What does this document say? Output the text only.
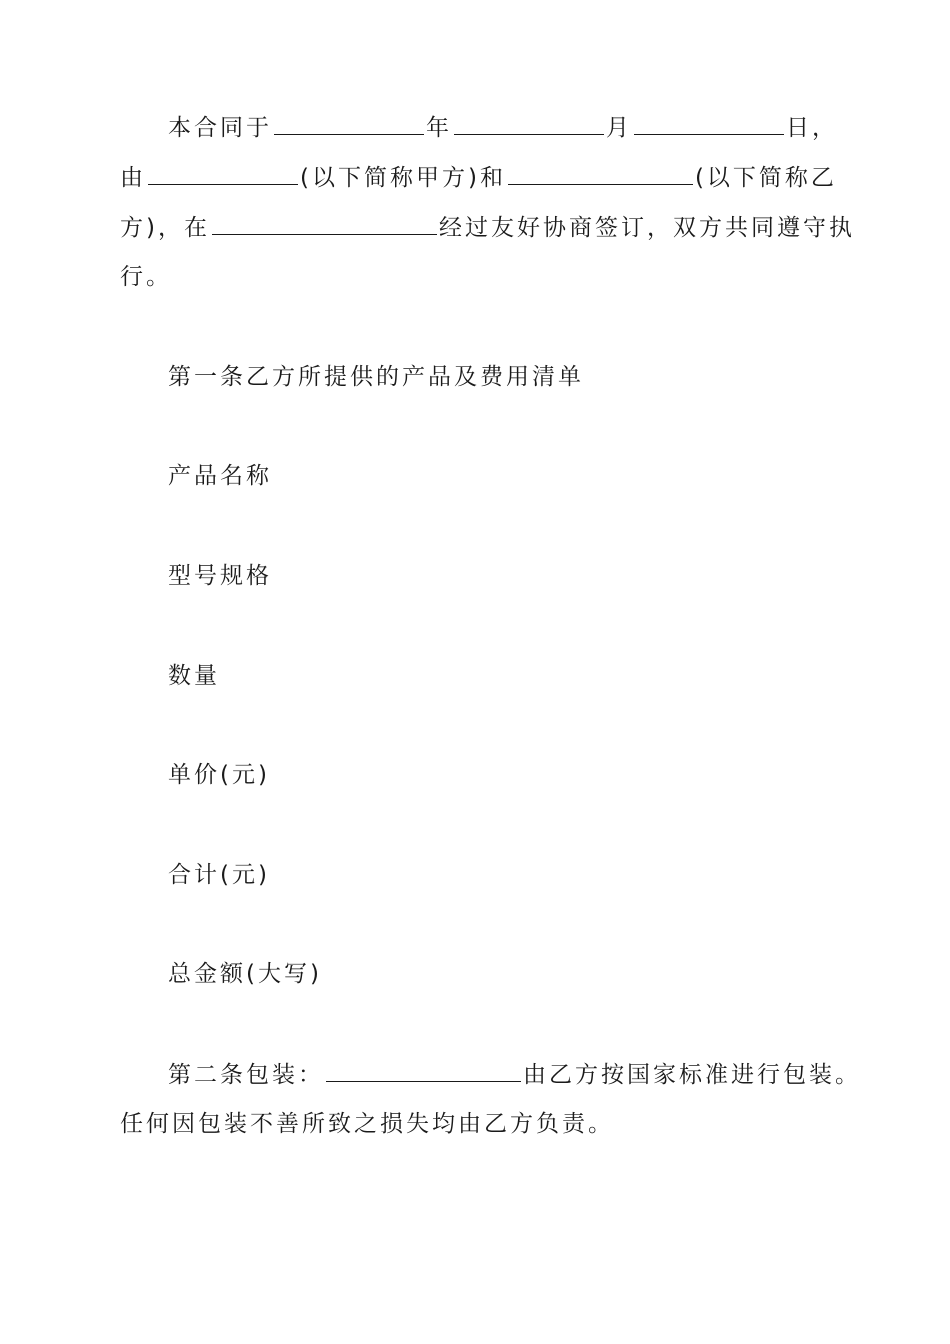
本合同于	年	月	日，
由	(以下简称甲方)和	(以下简称乙
方)，在	经过友好协商签订，双方共同遵守执
行。
第一条乙方所提供的产品及费用清单
产品名称
型号规格
数量
单价(元)
合计(元)
总金额(大写)
第二条包装：	由乙方按国家标准进行包装。
任何因包装不善所致之损失均由乙方负责。
